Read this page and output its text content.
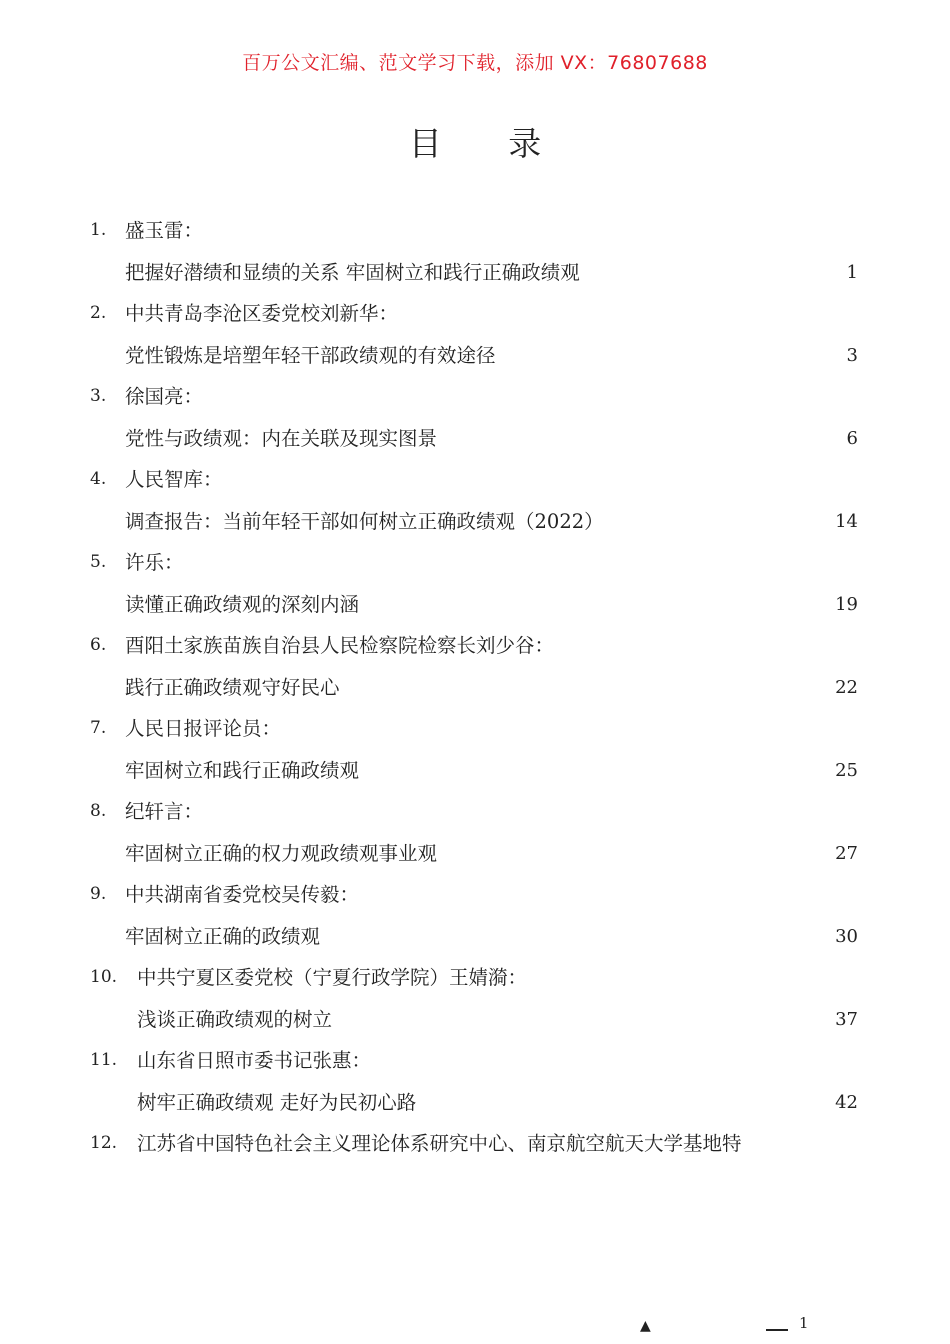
百万公文汇编、范文学习下载，添加 VX：76807688
目 录
1. 盛玉雷：
把握好潜绩和显绩的关系 牢固树立和践行正确政绩观	1
2. 中共青岛李沧区委党校刘新华：
党性锻炼是培塑年轻干部政绩观的有效途径	3
3. 徐国亮：
党性与政绩观：内在关联及现实图景	6
4. 人民智库：
调查报告：当前年轻干部如何树立正确政绩观（2022）	14
5. 许乐：
读懂正确政绩观的深刻内涵	19
6. 酉阳土家族苗族自治县人民检察院检察长刘少谷：
践行正确政绩观守好民心	22
7. 人民日报评论员：
牢固树立和践行正确政绩观	25
8. 纪轩言：
牢固树立正确的权力观政绩观事业观	27
9. 中共湖南省委党校吴传毅：
牢固树立正确的政绩观	30
10. 中共宁夏区委党校（宁夏行政学院）王婧漪：
浅谈正确政绩观的树立	37
11. 山东省日照市委书记张惠：
树牢正确政绩观 走好为民初心路	42
12. 江苏省中国特色社会主义理论体系研究中心、南京航空航天大学基地特
▲	1
